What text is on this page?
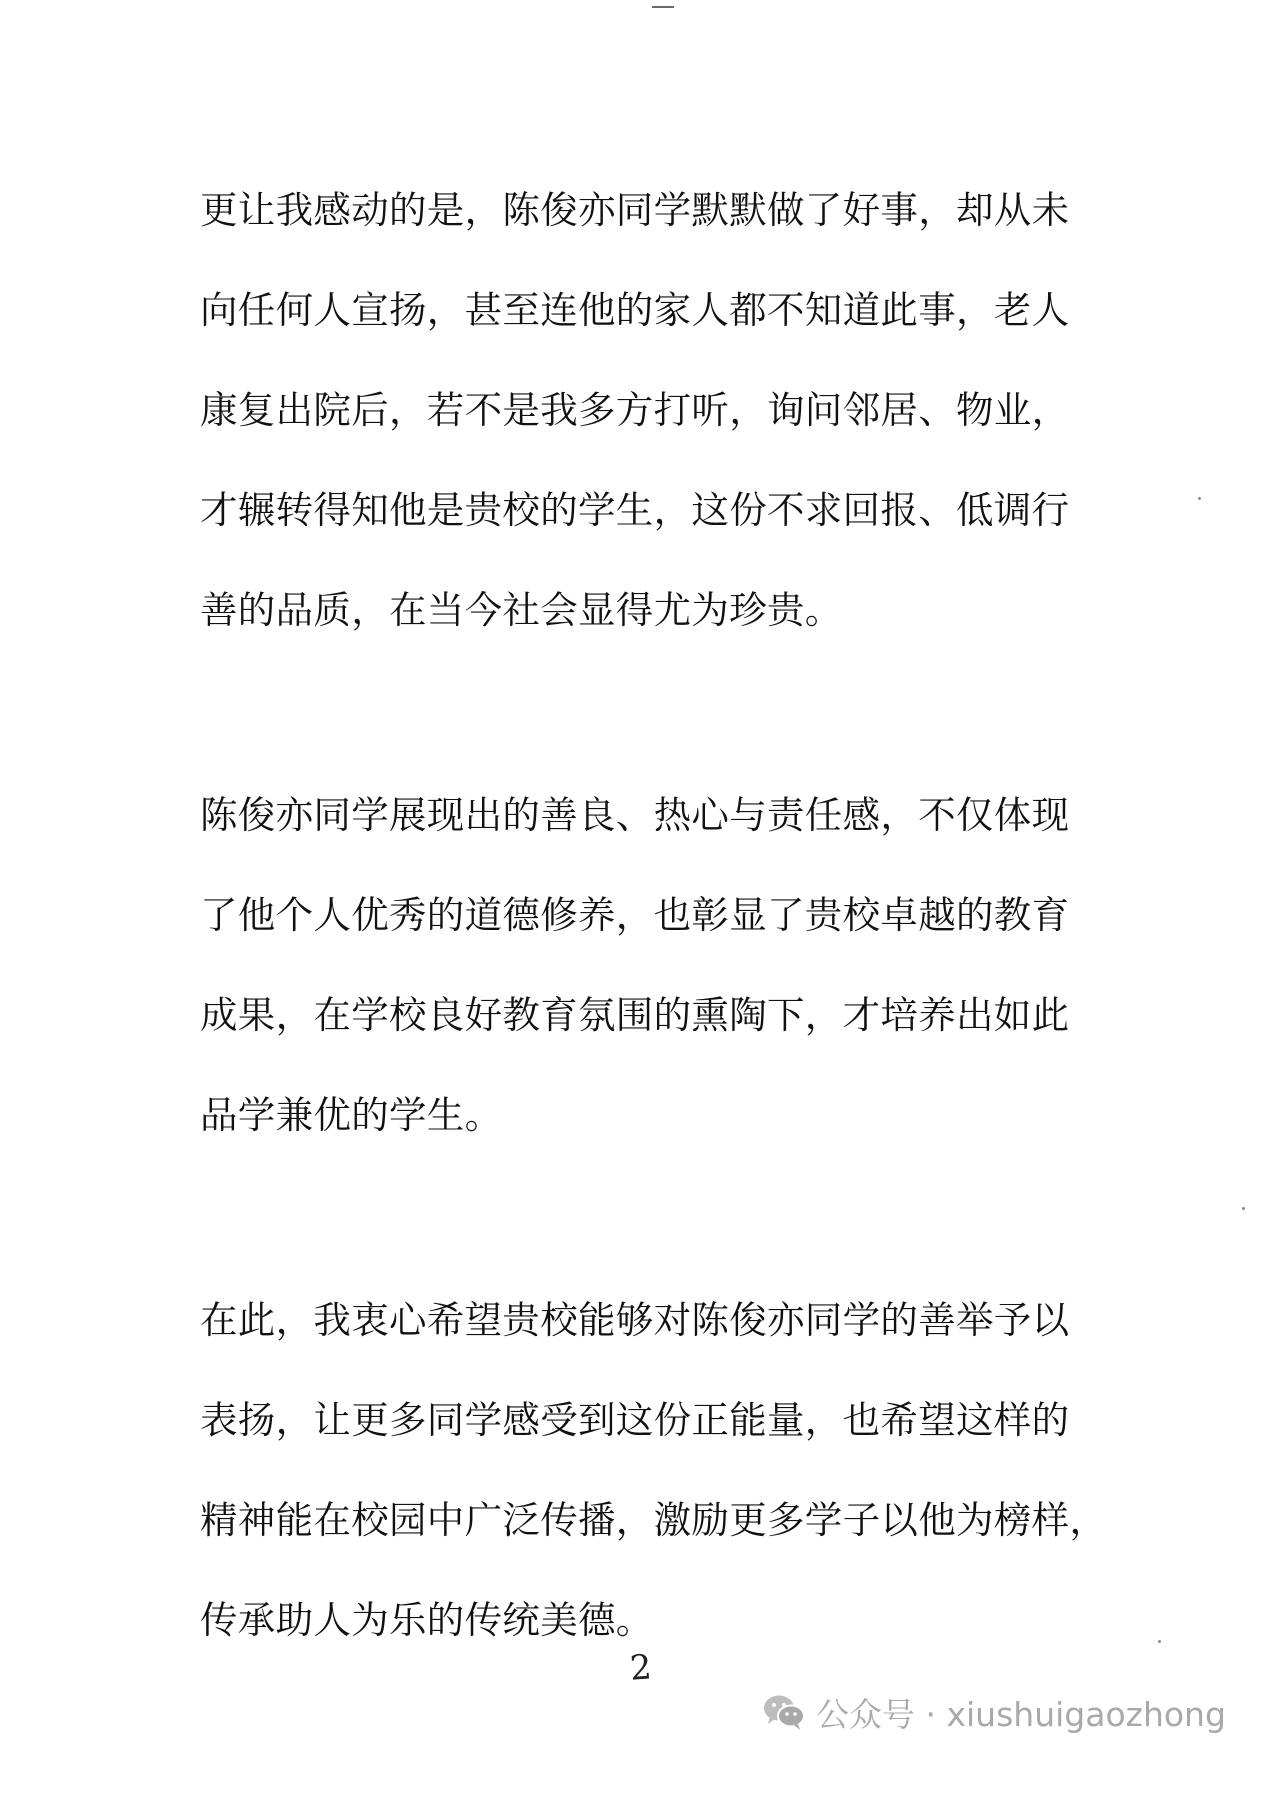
更让我感动的是，陈俊亦同学默默做了好事，却从未
向任何人宣扬，甚至连他的家人都不知道此事，老人
康复出院后，若不是我多方打听，询问邻居、物业，
才辗转得知他是贵校的学生，这份不求回报、低调行
善的品质，在当今社会显得尤为珍贵。
陈俊亦同学展现出的善良、热心与责任感，不仅体现
了他个人优秀的道德修养，也彰显了贵校卓越的教育
成果，在学校良好教育氛围的熏陶下，才培养出如此
品学兼优的学生。
在此，我衷心希望贵校能够对陈俊亦同学的善举予以
表扬，让更多同学感受到这份正能量，也希望这样的
精神能在校园中广泛传播，激励更多学子以他为榜样，
传承助人为乐的传统美德。
2
公众号 · xiushuigaozhong
